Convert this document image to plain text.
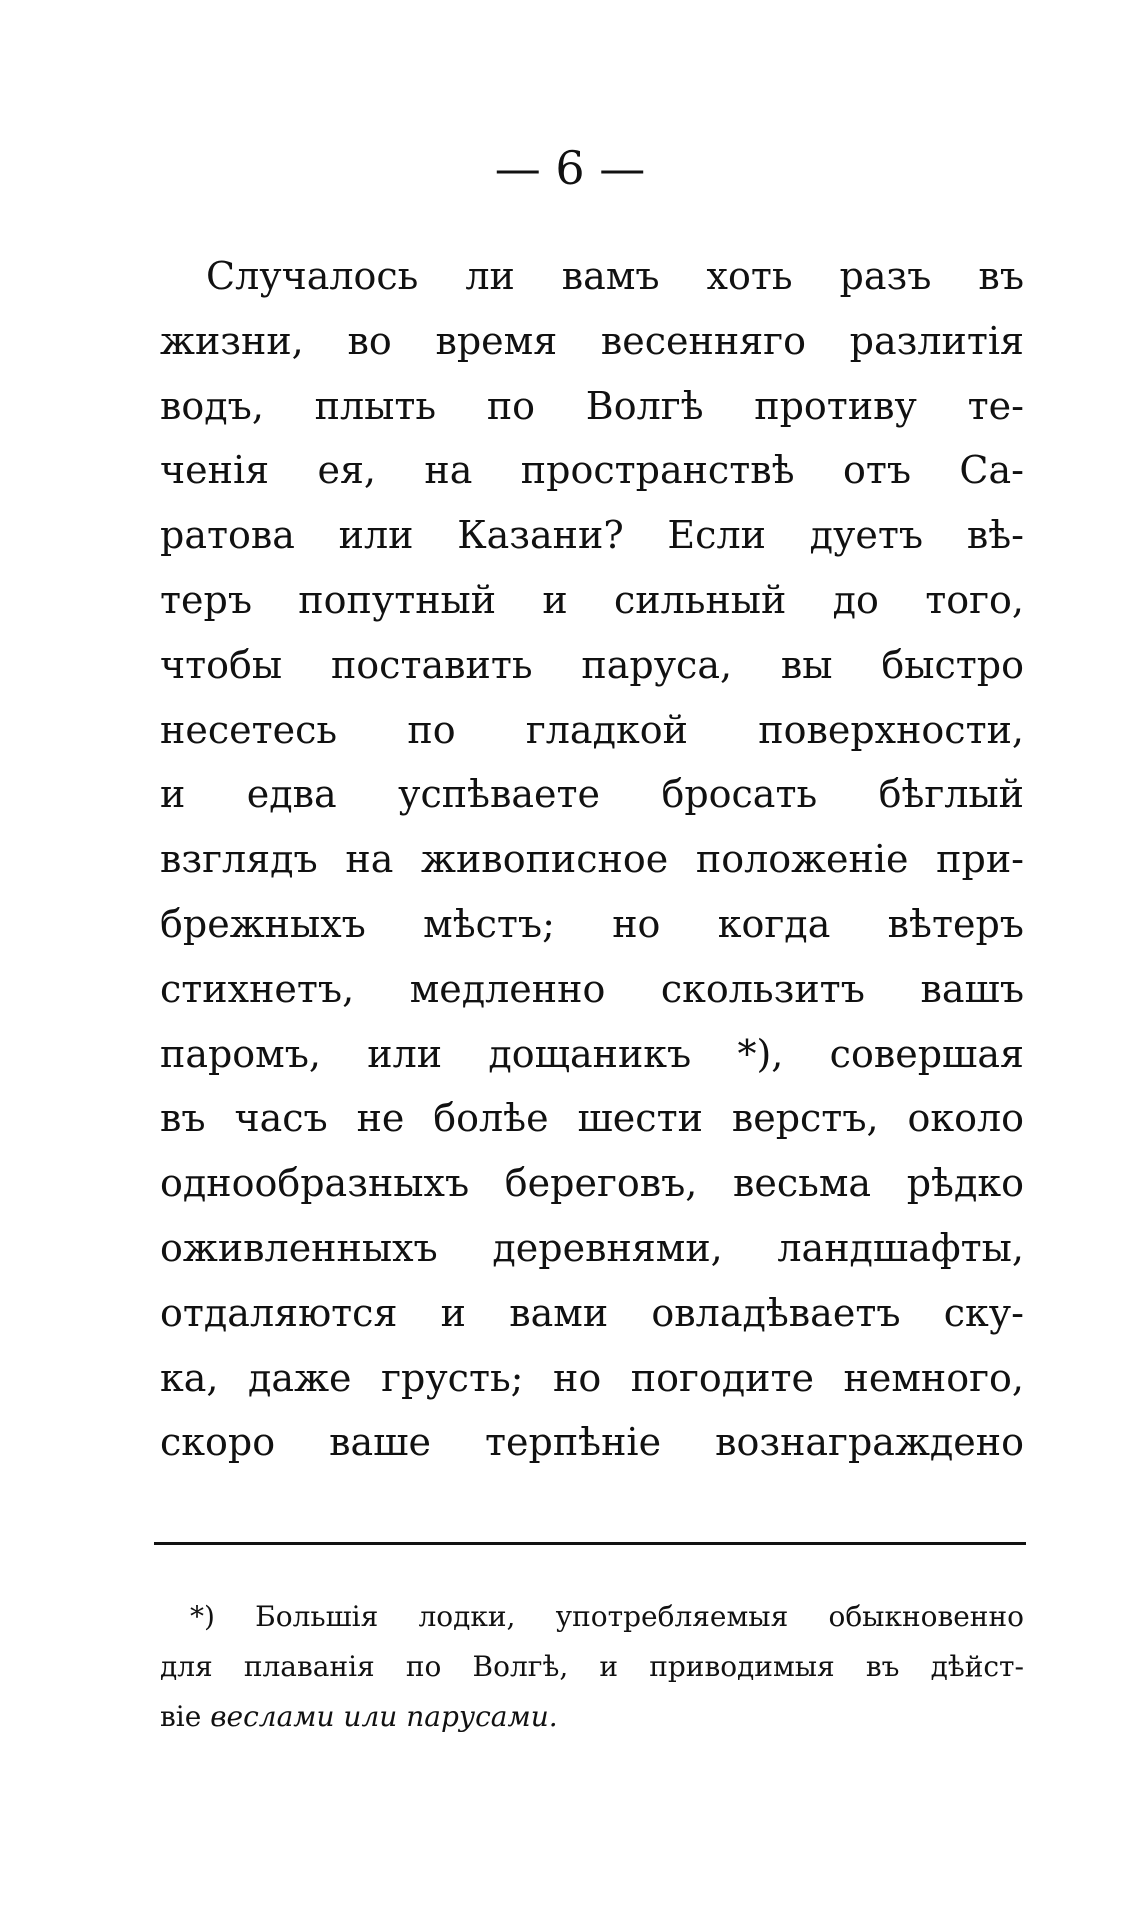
— 6 —
Случалось ли вамъ хоть разъ въ
жизни, во время весенняго разлитія
водъ, плыть по Волгѣ противу те-
ченія ея, на пространствѣ отъ Са-
ратова или Казани? Если дуетъ вѣ-
теръ попутный и сильный до того,
чтобы поставить паруса, вы быстро
несетесь по гладкой поверхности,
и едва успѣваете бросать бѣглый
взглядъ на живописное положеніе при-
брежныхъ мѣстъ; но когда вѣтеръ
стихнетъ, медленно скользитъ вашъ
паромъ, или дощаникъ *), совершая
въ часъ не болѣе шести верстъ, около
однообразныхъ береговъ, весьма рѣдко
оживленныхъ деревнями, ландшафты,
отдаляются и вами овладѣваетъ ску-
ка, даже грусть; но погодите немного,
скоро ваше терпѣніе вознаграждено
*) Большія лодки, употребляемыя обыкновенно
для плаванія по Волгѣ, и приводимыя въ дѣйст-
віе веслами или парусами.
